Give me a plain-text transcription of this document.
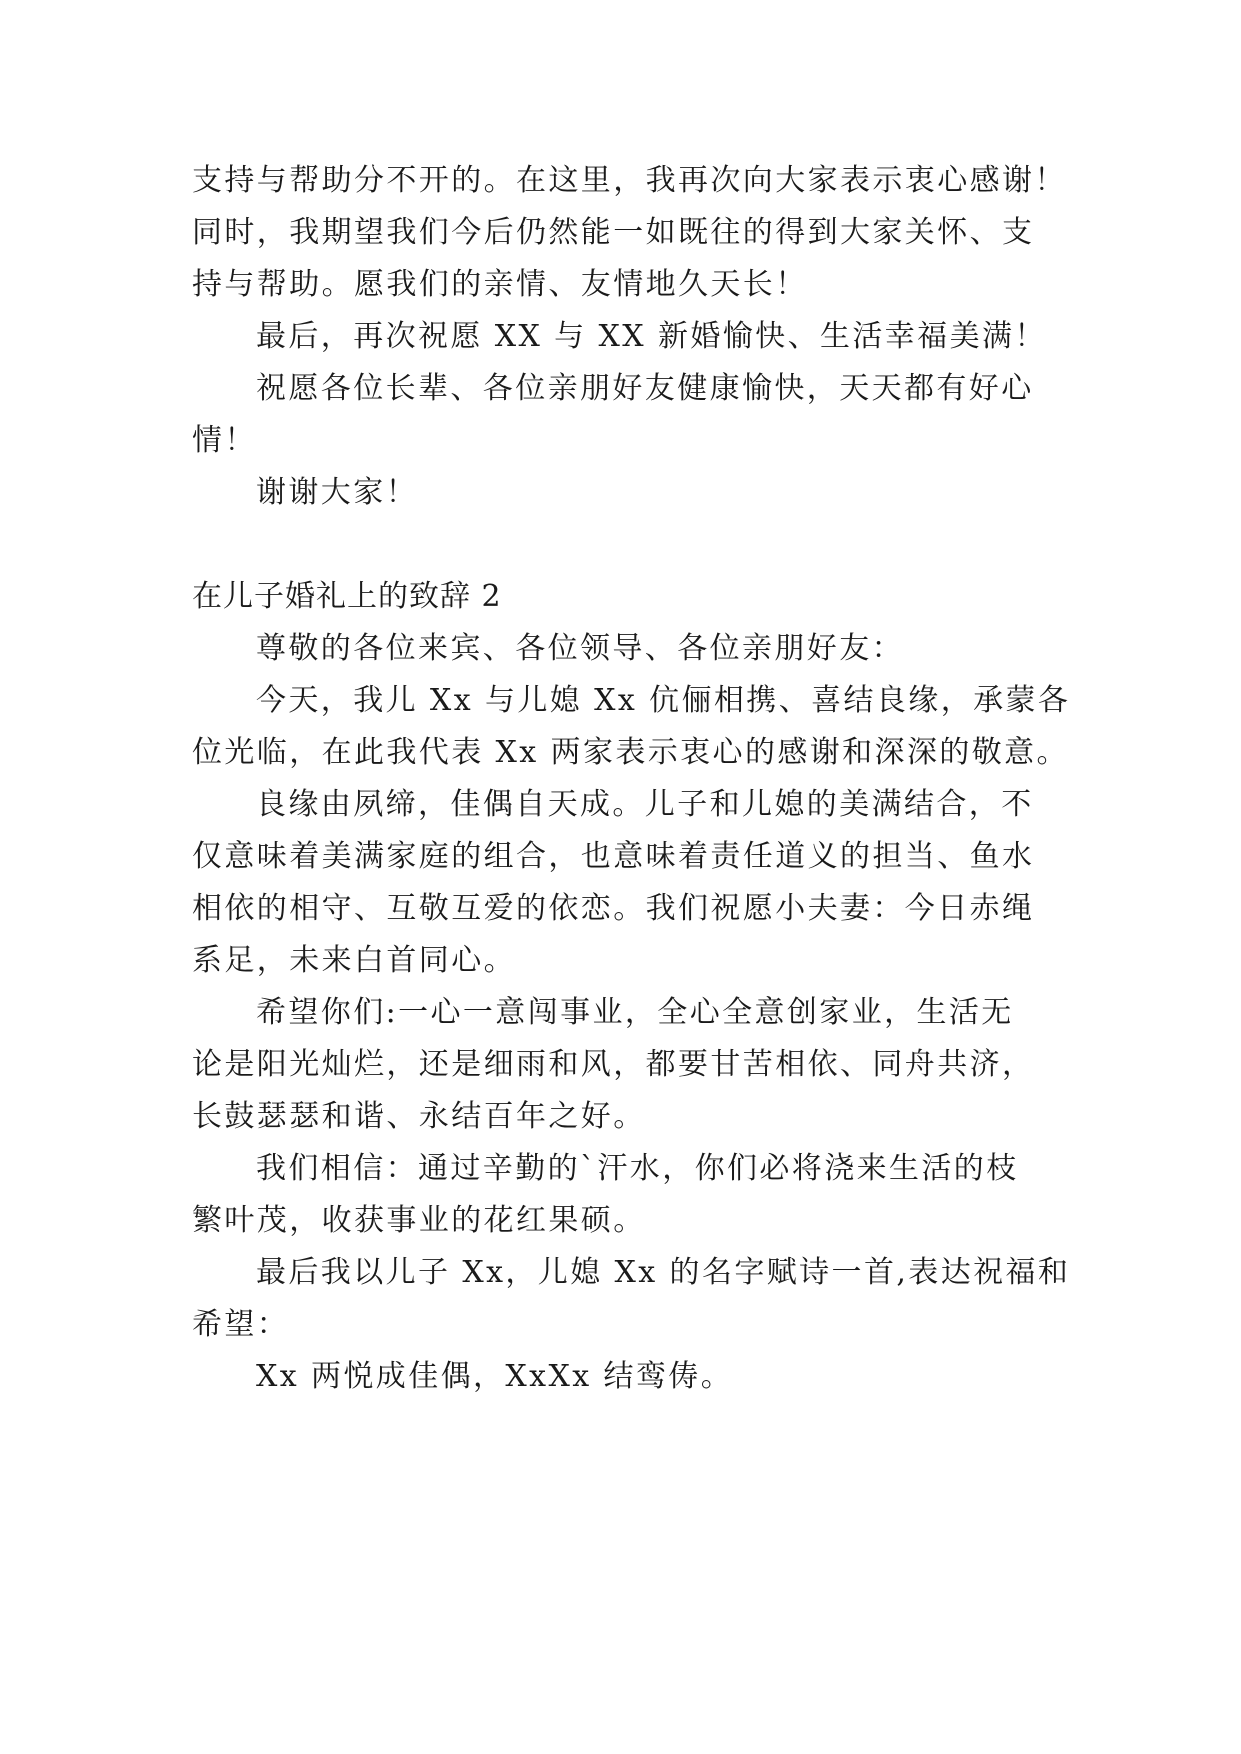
支持与帮助分不开的。在这里，我再次向大家表示衷心感谢！
同时，我期望我们今后仍然能一如既往的得到大家关怀、支
持与帮助。愿我们的亲情、友情地久天长！
最后，再次祝愿 XX 与 XX 新婚愉快、生活幸福美满！
祝愿各位长辈、各位亲朋好友健康愉快，天天都有好心
情！
谢谢大家！
在儿子婚礼上的致辞 2
尊敬的各位来宾、各位领导、各位亲朋好友：
今天，我儿 Xx 与儿媳 Xx 伉俪相携、喜结良缘，承蒙各
位光临，在此我代表 Xx 两家表示衷心的感谢和深深的敬意。
良缘由夙缔，佳偶自天成。儿子和儿媳的美满结合，不
仅意味着美满家庭的组合，也意味着责任道义的担当、鱼水
相依的相守、互敬互爱的依恋。我们祝愿小夫妻：今日赤绳
系足，未来白首同心。
希望你们:一心一意闯事业，全心全意创家业，生活无
论是阳光灿烂，还是细雨和风，都要甘苦相依、同舟共济，
长鼓瑟瑟和谐、永结百年之好。
我们相信：通过辛勤的`汗水，你们必将浇来生活的枝
繁叶茂，收获事业的花红果硕。
最后我以儿子 Xx，儿媳 Xx 的名字赋诗一首,表达祝福和
希望：
Xx 两悦成佳偶，XxXx 结鸾俦。
